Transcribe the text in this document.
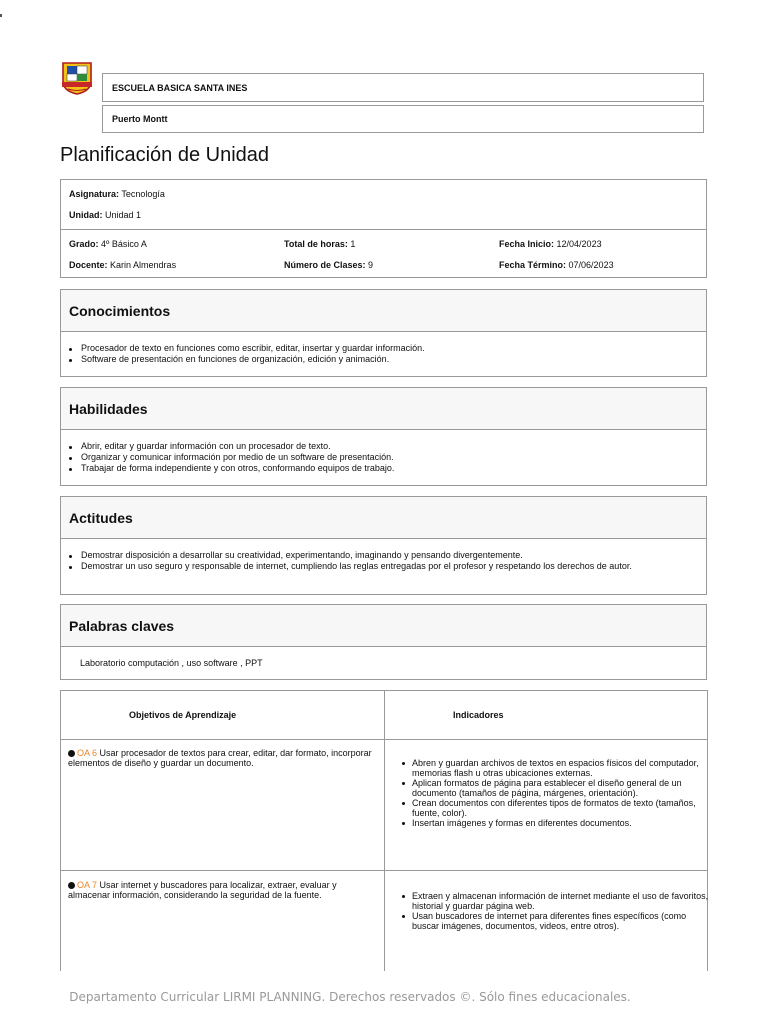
ESCUELA BASICA SANTA INES
Puerto Montt
Planificación de Unidad
Asignatura: Tecnología
Unidad: Unidad 1
Grado: 4º Básico A	Total de horas: 1	Fecha Inicio: 12/04/2023
Docente: Karin Almendras	Número de Clases: 9	Fecha Término: 07/06/2023
Conocimientos
Procesador de texto en funciones como escribir, editar, insertar y guardar información.
Software de presentación en funciones de organización, edición y animación.
Habilidades
Abrir, editar y guardar información con un procesador de texto.
Organizar y comunicar información por medio de un software de presentación.
Trabajar de forma independiente y con otros, conformando equipos de trabajo.
Actitudes
Demostrar disposición a desarrollar su creatividad, experimentando, imaginando y pensando divergentemente.
Demostrar un uso seguro y responsable de internet, cumpliendo las reglas entregadas por el profesor y respetando los derechos de autor.
Palabras claves
Laboratorio computación , uso software , PPT
Objetivos de Aprendizaje	Indicadores
OA 6 Usar procesador de textos para crear, editar, dar formato, incorporar elementos de diseño y guardar un documento.	Abren y guardan archivos de textos en espacios físicos del computador, memorias flash u otras ubicaciones externas.
Aplican formatos de página para establecer el diseño general de un documento (tamaños de página, márgenes, orientación).
Crean documentos con diferentes tipos de formatos de texto (tamaños, fuente, color).
Insertan imágenes y formas en diferentes documentos.
OA 7 Usar internet y buscadores para localizar, extraer, evaluar y almacenar información, considerando la seguridad de la fuente.	Extraen y almacenan información de internet mediante el uso de favoritos, historial y guardar página web.
Usan buscadores de internet para diferentes fines específicos (como buscar imágenes, documentos, videos, entre otros).
Departamento Curricular LIRMI PLANNING. Derechos reservados ©. Sólo fines educacionales.
